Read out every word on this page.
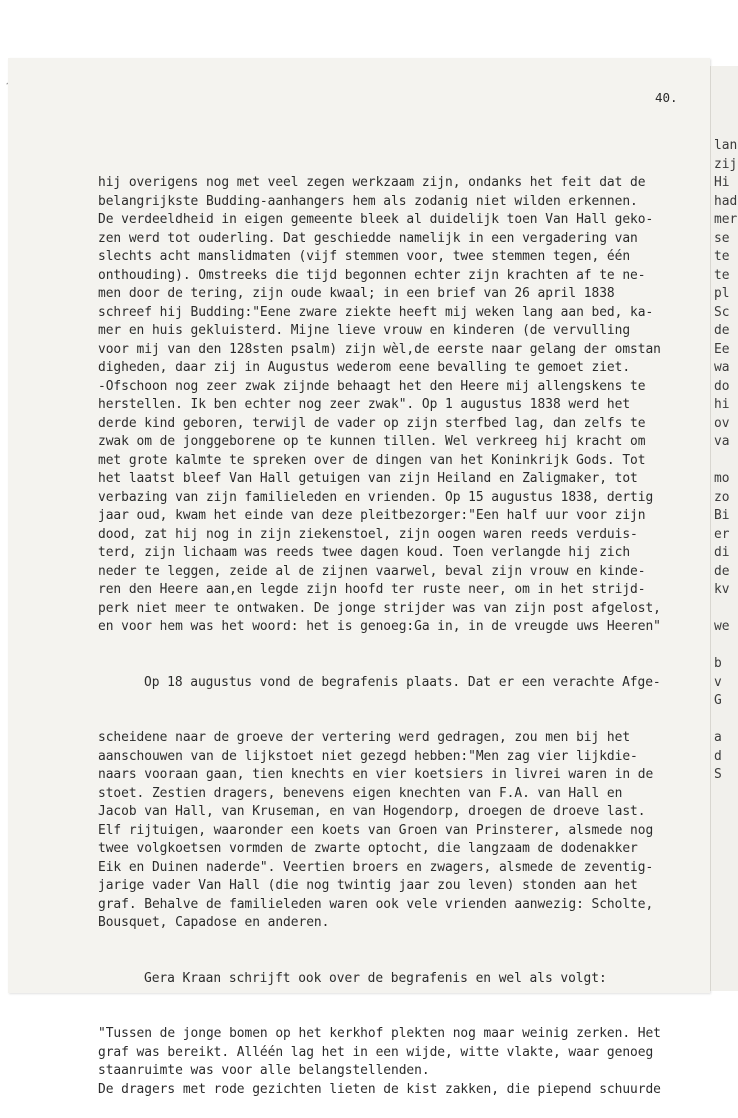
40.

hij overigens nog met veel zegen werkzaam zijn, ondanks het feit dat de
belangrijkste Budding-aanhangers hem als zodanig niet wilden erkennen.
De verdeeldheid in eigen gemeente bleek al duidelijk toen Van Hall geko-
zen werd tot ouderling. Dat geschiedde namelijk in een vergadering van
slechts acht manslidmaten (vijf stemmen voor, twee stemmen tegen, één
onthouding). Omstreeks die tijd begonnen echter zijn krachten af te ne-
men door de tering, zijn oude kwaal; in een brief van 26 april 1838
schreef hij Budding:"Eene zware ziekte heeft mij weken lang aan bed, ka-
mer en huis gekluisterd. Mijne lieve vrouw en kinderen (de vervulling
voor mij van den 128sten psalm) zijn wèl,de eerste naar gelang der omstan
digheden, daar zij in Augustus wederom eene bevalling te gemoet ziet.
-Ofschoon nog zeer zwak zijnde behaagt het den Heere mij allengskens te
herstellen. Ik ben echter nog zeer zwak". Op 1 augustus 1838 werd het
derde kind geboren, terwijl de vader op zijn sterfbed lag, dan zelfs te
zwak om de jonggeborene op te kunnen tillen. Wel verkreeg hij kracht om
met grote kalmte te spreken over de dingen van het Koninkrijk Gods. Tot
het laatst bleef Van Hall getuigen van zijn Heiland en Zaligmaker, tot
verbazing van zijn familieleden en vrienden. Op 15 augustus 1838, dertig
jaar oud, kwam het einde van deze pleitbezorger:"Een half uur voor zijn
dood, zat hij nog in zijn ziekenstoel, zijn oogen waren reeds verduis-
terd, zijn lichaam was reeds twee dagen koud. Toen verlangde hij zich
neder te leggen, zeide al de zijnen vaarwel, beval zijn vrouw en kinde-
ren den Heere aan,en legde zijn hoofd ter ruste neer, om in het strijd-
perk niet meer te ontwaken. De jonge strijder was van zijn post afgelost,
en voor hem was het woord: het is genoeg:Ga in, in de vreugde uws Heeren"

Op 18 augustus vond de begrafenis plaats. Dat er een verachte Afge-

scheidene naar de groeve der vertering werd gedragen, zou men bij het
aanschouwen van de lijkstoet niet gezegd hebben:"Men zag vier lijkdie-
naars vooraan gaan, tien knechts en vier koetsiers in livrei waren in de
stoet. Zestien dragers, benevens eigen knechten van F.A. van Hall en
Jacob van Hall, van Kruseman, en van Hogendorp, droegen de droeve last.
Elf rijtuigen, waaronder een koets van Groen van Prinsterer, alsmede nog
twee volgkoetsen vormden de zwarte optocht, die langzaam de dodenakker
Eik en Duinen naderde". Veertien broers en zwagers, alsmede de zeventig-
jarige vader Van Hall (die nog twintig jaar zou leven) stonden aan het
graf. Behalve de familieleden waren ook vele vrienden aanwezig: Scholte,
Bousquet, Capadose en anderen.

Gera Kraan schrijft ook over de begrafenis en wel als volgt:

"Tussen de jonge bomen op het kerkhof plekten nog maar weinig zerken. Het
graf was bereikt. Alléén lag het in een wijde, witte vlakte, waar genoeg
staanruimte was voor alle belangstellenden.
De dragers met rode gezichten lieten de kist zakken, die piepend schuurde

lan
zij
Hi
had
mer
se
te
te
pl
Sc
de
Ee
wa
do
hi
ov
va
mo
zo
Bi
er
di
de
kv
we
b
v
G
a
d
S
